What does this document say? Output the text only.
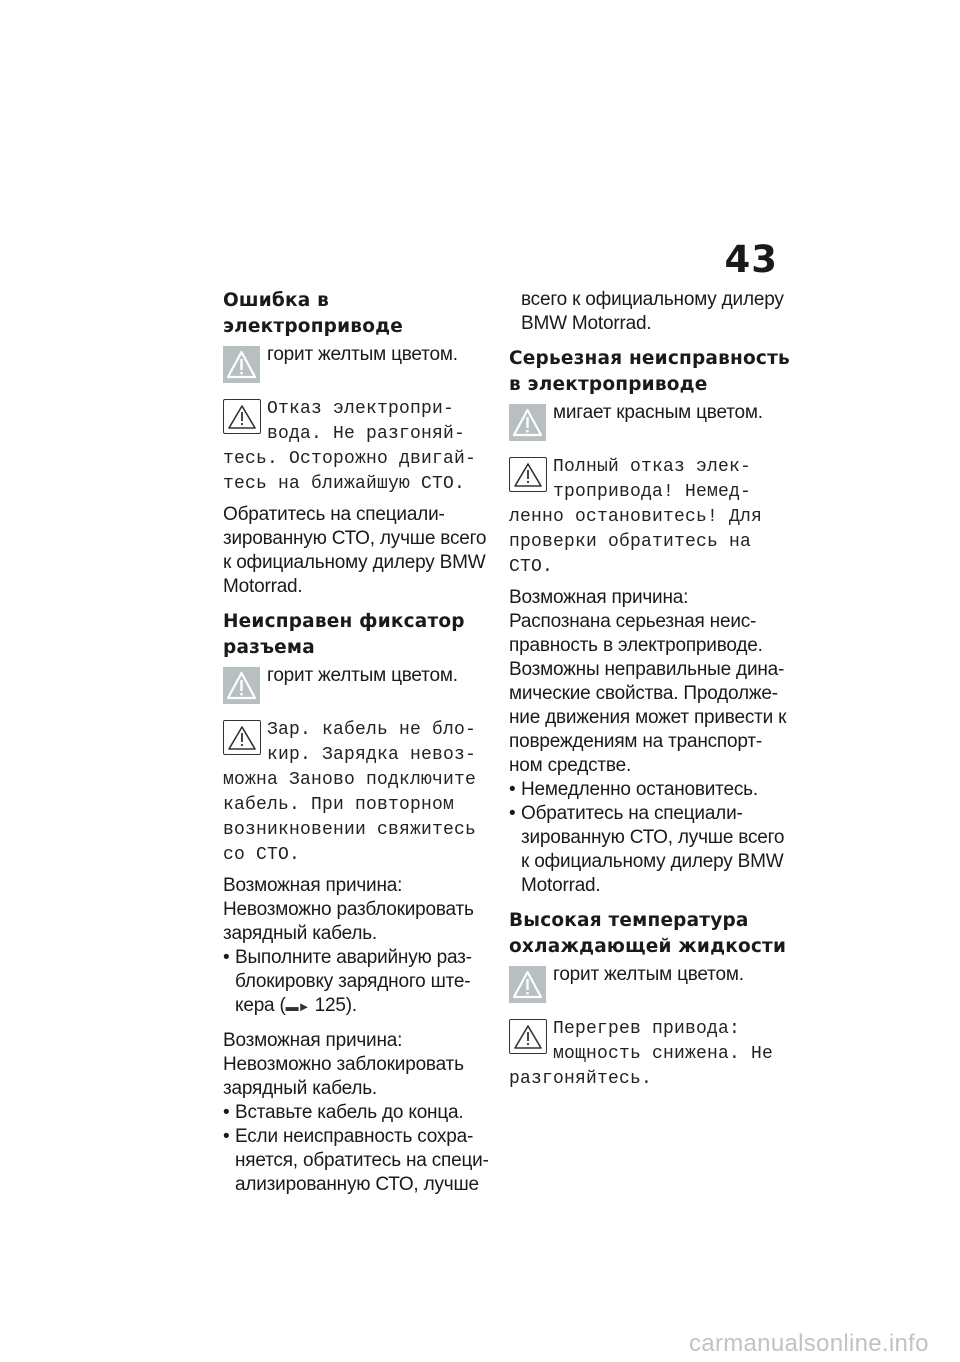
43
Ошибка в электроприводе
горит желтым цветом.
Отказ электропри-вода. Не разгоняй-тесь. Осторожно двигай-тесь на ближайшую СТО.

Обратитесь на специали-зированную СТО, лучше всего к официальному дилеру BMW Motorrad.

Неисправен фиксатор разъема
горит желтым цветом.
Зар. кабель не бло-кир. Зарядка невоз-можна Заново подключите кабель. При повторном возникновении свяжитесь со СТО.

Возможная причина:

Невозможно разблокировать зарядный кабель.

• Выполните аварийную раз-блокировку зарядного ште-кера (▬► 125).

Возможная причина:

Невозможно заблокировать зарядный кабель.

• Вставьте кабель до конца.
• Если неисправность сохра-няется, обратитесь на специ-ализированную СТО, лучше

всего к официальному дилеру BMW Motorrad.

Серьезная неисправность в электроприводе
мигает красным цветом.
Полный отказ элек-тропривода! Немед-ленно остановитесь! Для проверки обратитесь на СТО.

Возможная причина:

Распознана серьезная неис-правность в электроприводе. Возможны неправильные дина-мические свойства. Продолже-ние движения может привести к повреждениям на транспорт-ном средстве.

• Немедленно остановитесь.
• Обратитесь на специали-зированную СТО, лучше всего к официальному дилеру BMW Motorrad.
Высокая температура охлаждающей жидкости
горит желтым цветом.
Перегрев привода: мощность снижена. Не разгоняйтесь.
carmanualsonline.info
